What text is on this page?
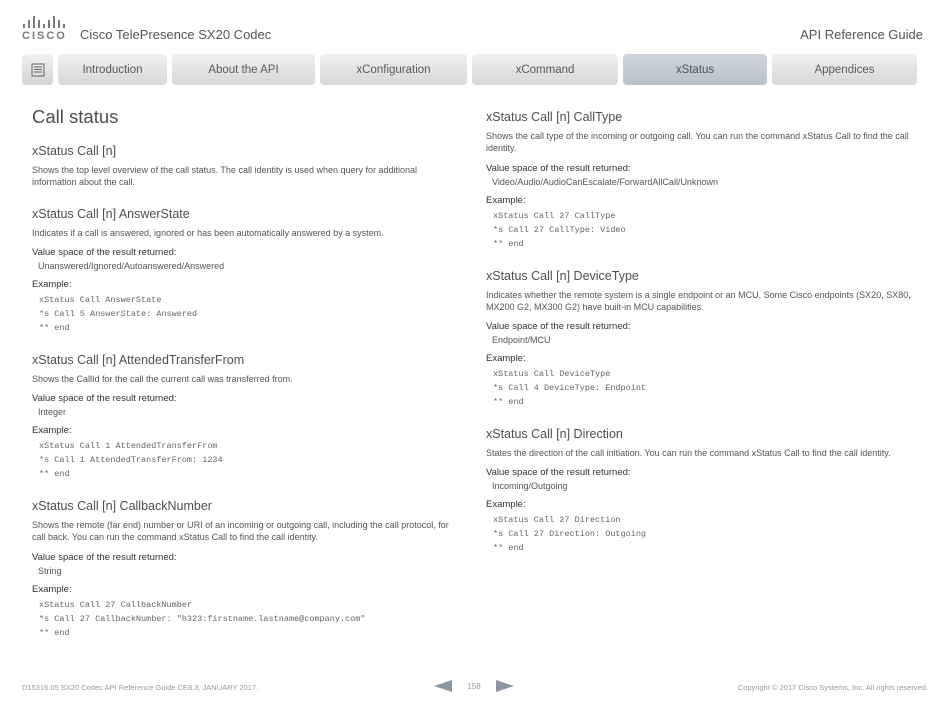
CISCO Cisco TelePresence SX20 Codec	API Reference Guide
Introduction	About the API	xConfiguration	xCommand	xStatus	Appendices
Call status
xStatus Call [n]
Shows the top level overview of the call status. The call identity is used when query for additional information about the call.
xStatus Call [n] AnswerState
Indicates if a call is answered, ignored or has been automatically answered by a system.
Value space of the result returned:
Unanswered/Ignored/Autoanswered/Answered
Example:
xStatus Call AnswerState
*s Call 5 AnswerState: Answered
** end
xStatus Call [n] AttendedTransferFrom
Shows the CallId for the call the current call was transferred from.
Value space of the result returned:
Integer
Example:
xStatus Call 1 AttendedTransferFrom
*s Call 1 AttendedTransferFrom: 1234
** end
xStatus Call [n] CallbackNumber
Shows the remote (far end) number or URI of an incoming or outgoing call, including the call protocol, for call back. You can run the command xStatus Call to find the call identity.
Value space of the result returned:
String
Example:
xStatus Call 27 CallbackNumber
*s Call 27 CallbackNumber: "h323:firstname.lastname@company.com"
** end
xStatus Call [n] CallType
Shows the call type of the incoming or outgoing call. You can run the command xStatus Call to find the call identity.
Value space of the result returned:
Video/Audio/AudioCanEscalate/ForwardAllCall/Unknown
Example:
xStatus Call 27 CallType
*s Call 27 CallType: Video
** end
xStatus Call [n] DeviceType
Indicates whether the remote system is a single endpoint or an MCU. Some Cisco endpoints (SX20, SX80, MX200 G2, MX300 G2) have built-in MCU capabilities.
Value space of the result returned:
Endpoint/MCU
Example:
xStatus Call DeviceType
*s Call 4 DeviceType: Endpoint
** end
xStatus Call [n] Direction
States the direction of the call initiation. You can run the command xStatus Call to find the call identity.
Value space of the result returned:
Incoming/Outgoing
Example:
xStatus Call 27 Direction
*s Call 27 Direction: Outgoing
** end
D15316.05 SX20 Codec API Reference Guide CE8.3, JANUARY 2017.	158	Copyright © 2017 Cisco Systems, Inc. All rights reserved.
